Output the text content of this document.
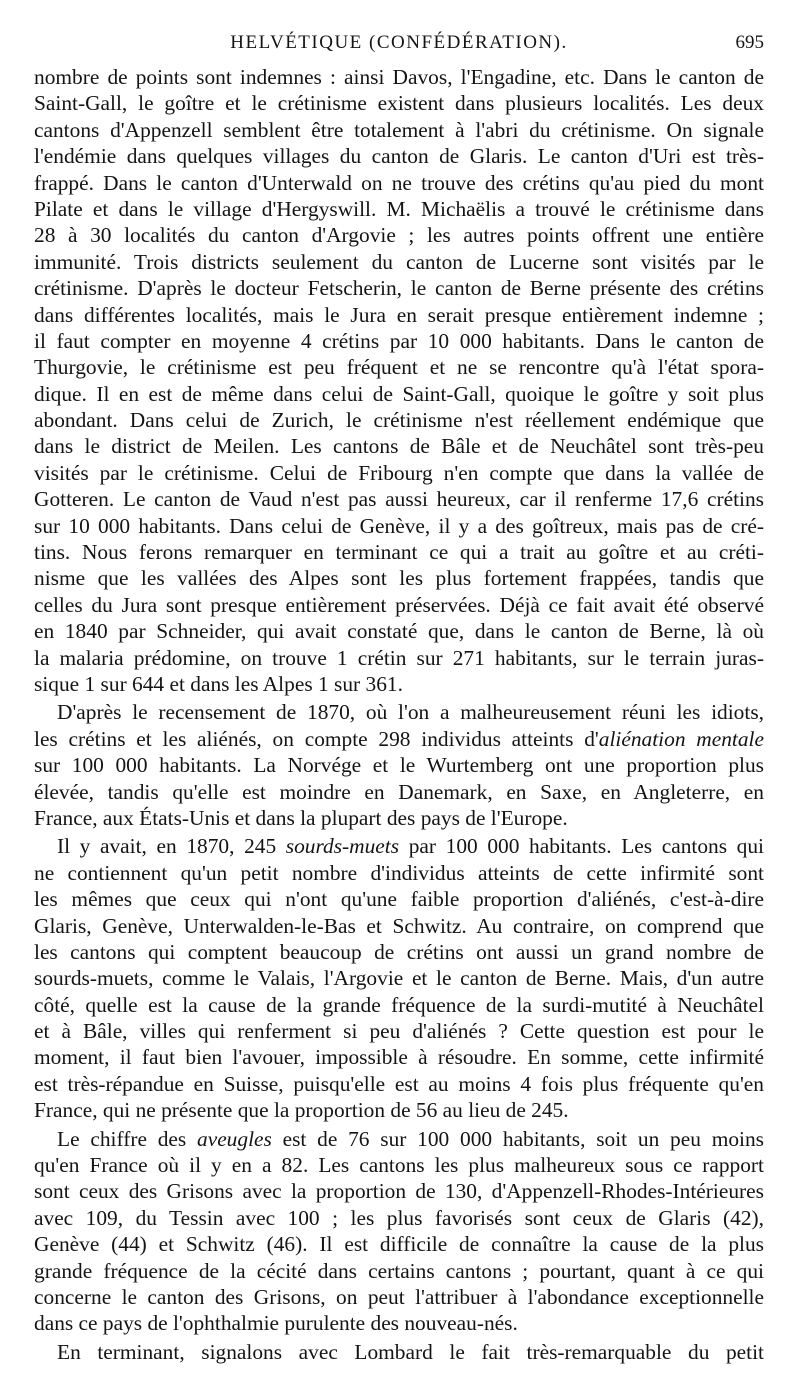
HELVÉTIQUE (CONFÉDÉRATION).	695
nombre de points sont indemnes : ainsi Davos, l'Engadine, etc. Dans le canton de
Saint-Gall, le goître et le crétinisme existent dans plusieurs localités. Les deux
cantons d'Appenzell semblent être totalement à l'abri du crétinisme. On signale
l'endémie dans quelques villages du canton de Glaris. Le canton d'Uri est très-
frappé. Dans le canton d'Unterwald on ne trouve des crétins qu'au pied du mont
Pilate et dans le village d'Hergyswill. M. Michaëlis a trouvé le crétinisme dans
28 à 30 localités du canton d'Argovie ; les autres points offrent une entière
immunité. Trois districts seulement du canton de Lucerne sont visités par le
crétinisme. D'après le docteur Fetscherin, le canton de Berne présente des crétins
dans différentes localités, mais le Jura en serait presque entièrement indemne ;
il faut compter en moyenne 4 crétins par 10 000 habitants. Dans le canton de
Thurgovie, le crétinisme est peu fréquent et ne se rencontre qu'à l'état spora-
dique. Il en est de même dans celui de Saint-Gall, quoique le goître y soit plus
abondant. Dans celui de Zurich, le crétinisme n'est réellement endémique que
dans le district de Meilen. Les cantons de Bâle et de Neuchâtel sont très-peu
visités par le crétinisme. Celui de Fribourg n'en compte que dans la vallée de
Gotteren. Le canton de Vaud n'est pas aussi heureux, car il renferme 17,6 crétins
sur 10 000 habitants. Dans celui de Genève, il y a des goîtreux, mais pas de cré-
tins. Nous ferons remarquer en terminant ce qui a trait au goître et au créti-
nisme que les vallées des Alpes sont les plus fortement frappées, tandis que
celles du Jura sont presque entièrement préservées. Déjà ce fait avait été observé
en 1840 par Schneider, qui avait constaté que, dans le canton de Berne, là où
la malaria prédomine, on trouve 1 crétin sur 271 habitants, sur le terrain juras-
sique 1 sur 644 et dans les Alpes 1 sur 361.
D'après le recensement de 1870, où l'on a malheureusement réuni les idiots,
les crétins et les aliénés, on compte 298 individus atteints d'aliénation mentale
sur 100 000 habitants. La Norvége et le Wurtemberg ont une proportion plus
élevée, tandis qu'elle est moindre en Danemark, en Saxe, en Angleterre, en
France, aux États-Unis et dans la plupart des pays de l'Europe.
Il y avait, en 1870, 245 sourds-muets par 100 000 habitants. Les cantons qui
ne contiennent qu'un petit nombre d'individus atteints de cette infirmité sont
les mêmes que ceux qui n'ont qu'une faible proportion d'aliénés, c'est-à-dire
Glaris, Genève, Unterwalden-le-Bas et Schwitz. Au contraire, on comprend que
les cantons qui comptent beaucoup de crétins ont aussi un grand nombre de
sourds-muets, comme le Valais, l'Argovie et le canton de Berne. Mais, d'un autre
côté, quelle est la cause de la grande fréquence de la surdi-mutité à Neuchâtel
et à Bâle, villes qui renferment si peu d'aliénés ? Cette question est pour le
moment, il faut bien l'avouer, impossible à résoudre. En somme, cette infirmité
est très-répandue en Suisse, puisqu'elle est au moins 4 fois plus fréquente qu'en
France, qui ne présente que la proportion de 56 au lieu de 245.
Le chiffre des aveugles est de 76 sur 100 000 habitants, soit un peu moins
qu'en France où il y en a 82. Les cantons les plus malheureux sous ce rapport
sont ceux des Grisons avec la proportion de 130, d'Appenzell-Rhodes-Intérieures
avec 109, du Tessin avec 100 ; les plus favorisés sont ceux de Glaris (42),
Genève (44) et Schwitz (46). Il est difficile de connaître la cause de la plus
grande fréquence de la cécité dans certains cantons ; pourtant, quant à ce qui
concerne le canton des Grisons, on peut l'attribuer à l'abondance exceptionnelle
dans ce pays de l'ophthalmie purulente des nouveau-nés.
En terminant, signalons avec Lombard le fait très-remarquable du petit
